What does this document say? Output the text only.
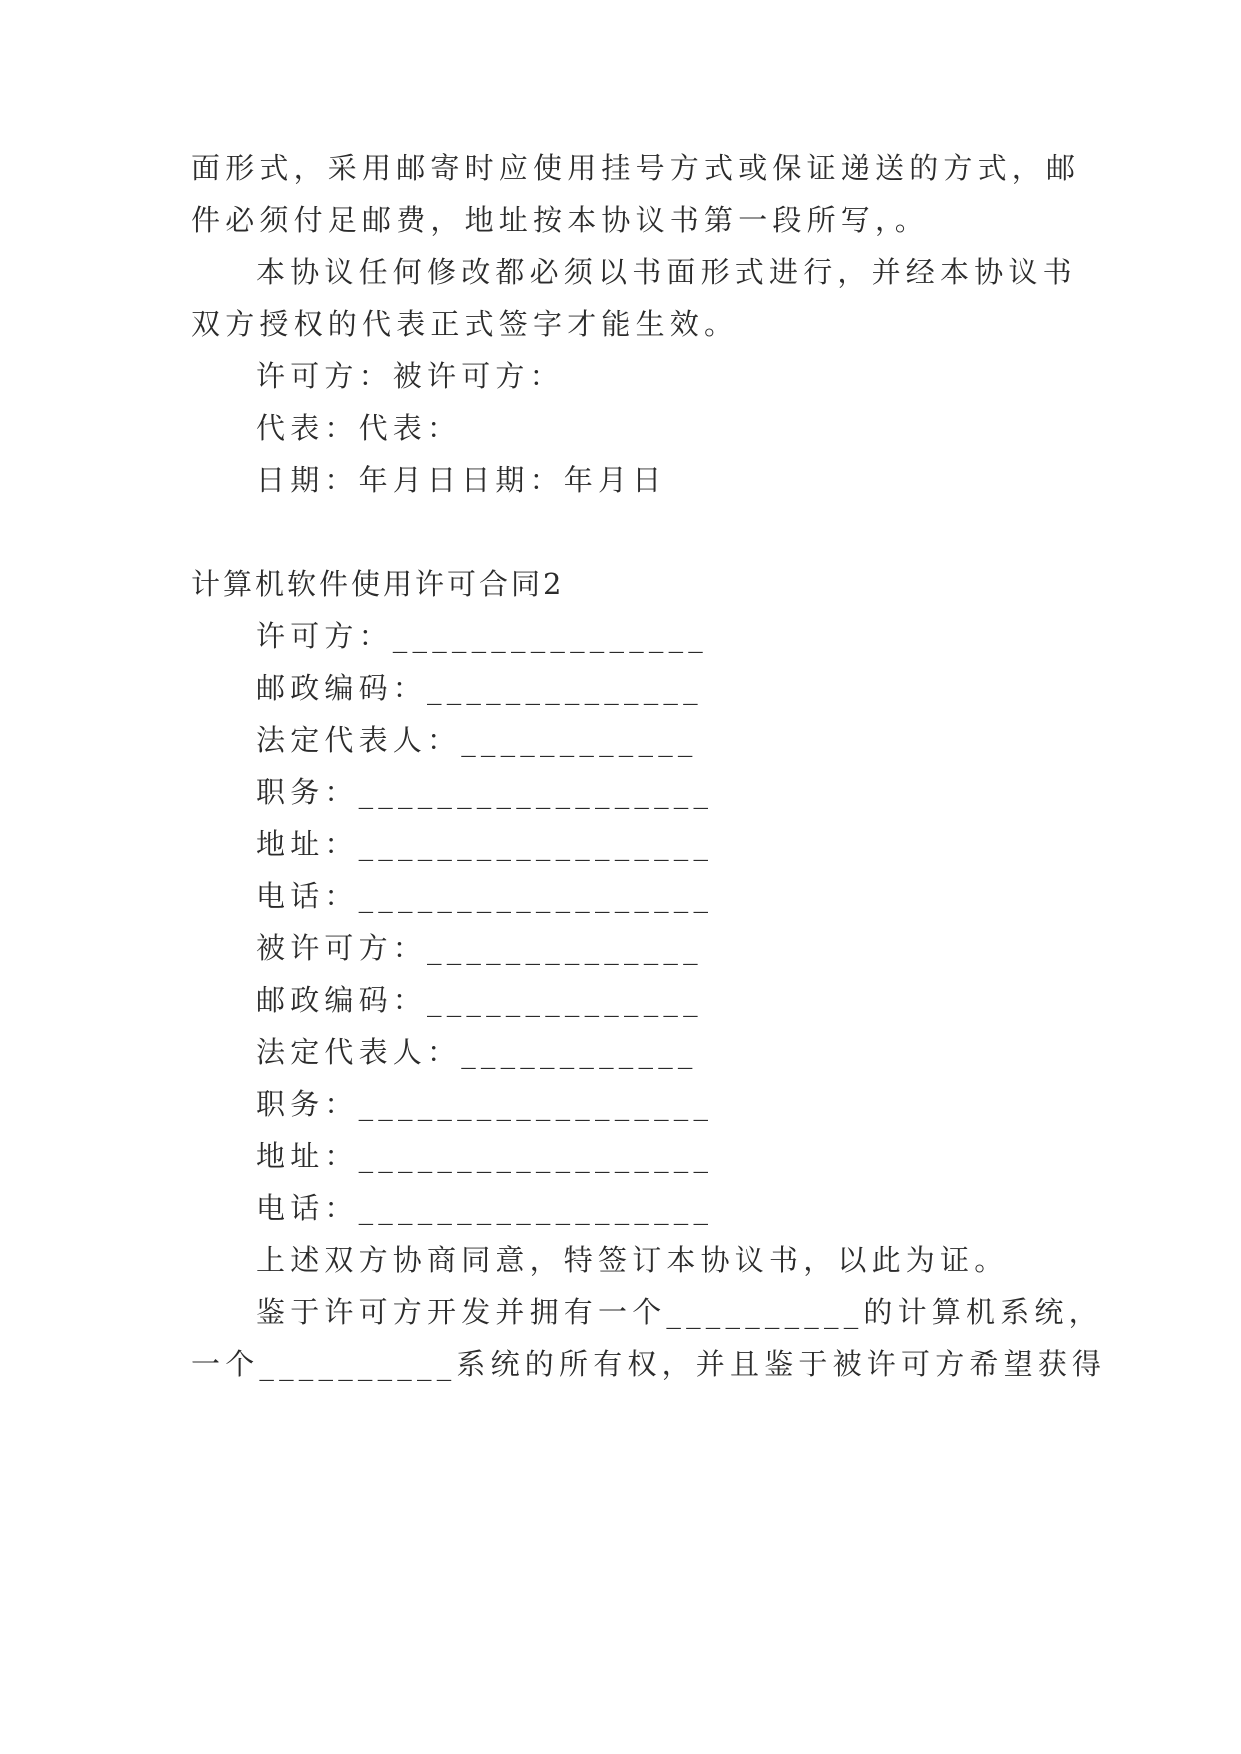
面形式，采用邮寄时应使用挂号方式或保证递送的方式，邮
件必须付足邮费，地址按本协议书第一段所写，。
本协议任何修改都必须以书面形式进行，并经本协议书
双方授权的代表正式签字才能生效。
许可方：被许可方：
代表：代表：
日期：年月日日期：年月日
计算机软件使用许可合同2
许可方：________________
邮政编码：______________
法定代表人：____________
职务：__________________
地址：__________________
电话：__________________
被许可方：______________
邮政编码：______________
法定代表人：____________
职务：__________________
地址：__________________
电话：__________________
上述双方协商同意，特签订本协议书，以此为证。
鉴于许可方开发并拥有一个__________的计算机系统，
一个__________系统的所有权，并且鉴于被许可方希望获得
